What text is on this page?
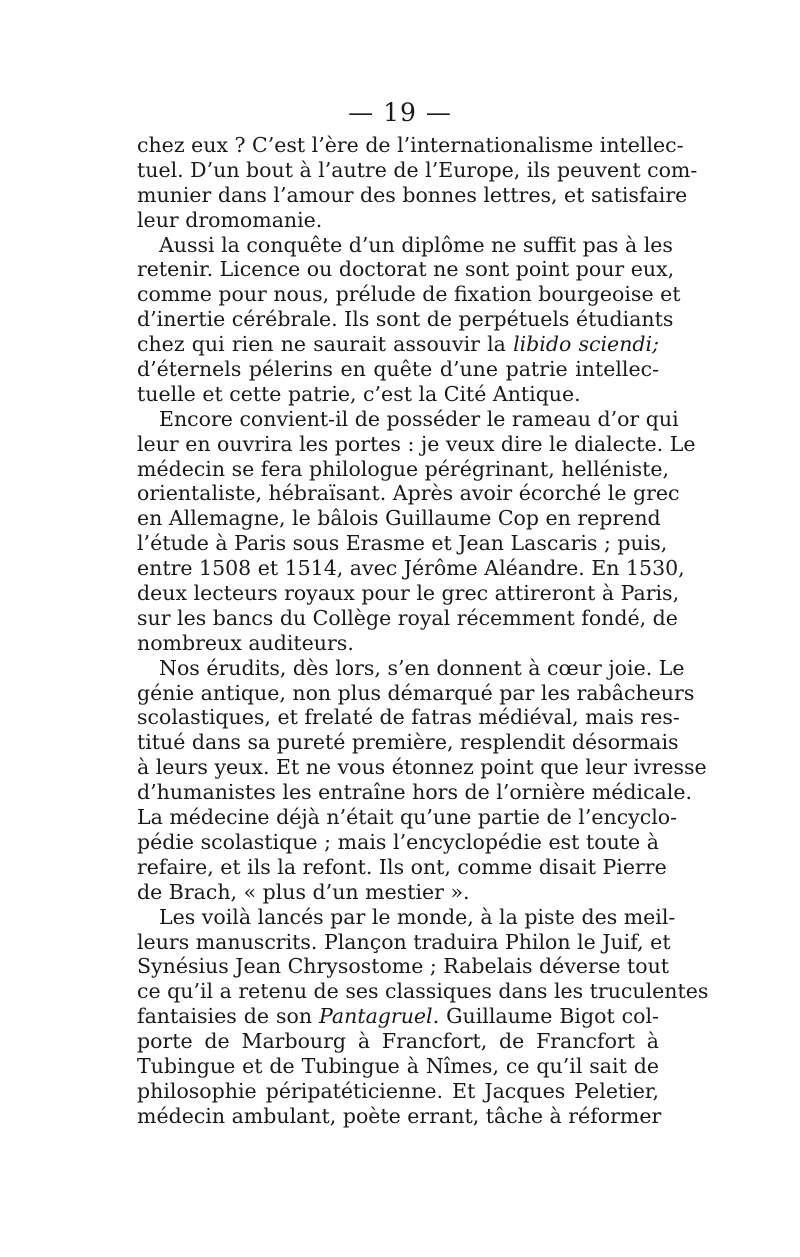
— 19 —
chez eux ? C’est l’ère de l’internationalisme intellec-
tuel. D’un bout à l’autre de l’Europe, ils peuvent com-
munier dans l’amour des bonnes lettres, et satisfaire
leur dromomanie.
Aussi la conquête d’un diplôme ne suffit pas à les
retenir. Licence ou doctorat ne sont point pour eux,
comme pour nous, prélude de fixation bourgeoise et
d’inertie cérébrale. Ils sont de perpétuels étudiants
chez qui rien ne saurait assouvir la libido sciendi;
d’éternels pélerins en quête d’une patrie intellec-
tuelle et cette patrie, c’est la Cité Antique.
Encore convient-il de posséder le rameau d’or qui
leur en ouvrira les portes : je veux dire le dialecte. Le
médecin se fera philologue pérégrinant, helléniste,
orientaliste, hébraïsant. Après avoir écorché le grec
en Allemagne, le bâlois Guillaume Cop en reprend
l’étude à Paris sous Erasme et Jean Lascaris ; puis,
entre 1508 et 1514, avec Jérôme Aléandre. En 1530,
deux lecteurs royaux pour le grec attireront à Paris,
sur les bancs du Collège royal récemment fondé, de
nombreux auditeurs.
Nos érudits, dès lors, s’en donnent à cœur joie. Le
génie antique, non plus démarqué par les rabâcheurs
scolastiques, et frelaté de fatras médiéval, mais res-
titué dans sa pureté première, resplendit désormais
à leurs yeux. Et ne vous étonnez point que leur ivresse
d’humanistes les entraîne hors de l’ornière médicale.
La médecine déjà n’était qu’une partie de l’encyclo-
pédie scolastique ; mais l’encyclopédie est toute à
refaire, et ils la refont. Ils ont, comme disait Pierre
de Brach, « plus d’un mestier ».
Les voilà lancés par le monde, à la piste des meil-
leurs manuscrits. Plançon traduira Philon le Juif, et
Synésius Jean Chrysostome ; Rabelais déverse tout
ce qu’il a retenu de ses classiques dans les truculentes
fantaisies de son Pantagruel. Guillaume Bigot col-
porte de Marbourg à Francfort, de Francfort à
Tubingue et de Tubingue à Nîmes, ce qu’il sait de
philosophie péripatéticienne. Et Jacques Peletier,
médecin ambulant, poète errant, tâche à réformer
